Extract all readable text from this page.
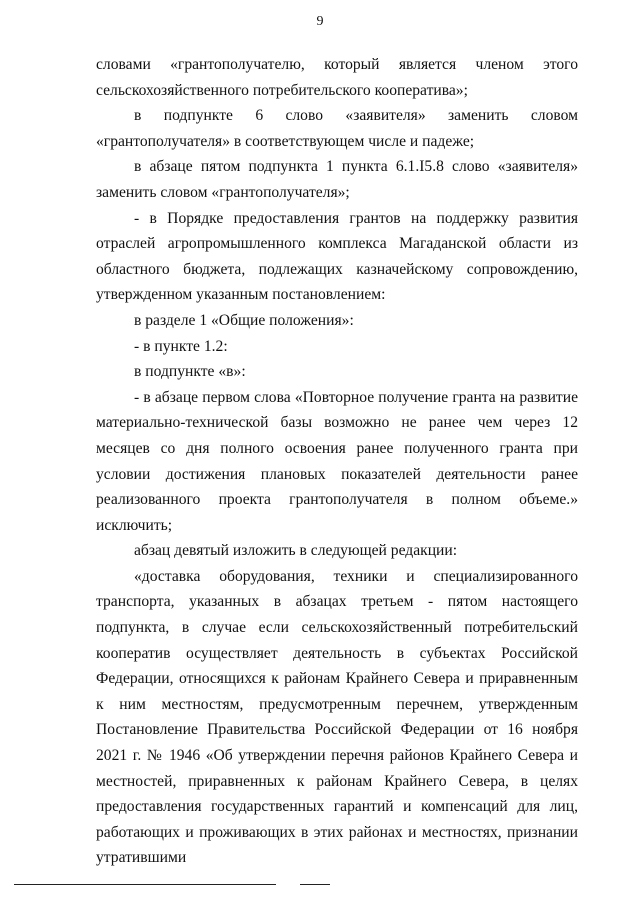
9

словами «грантополучателю, который является членом этого сельскохозяйственного потребительского кооператива»;

в подпункте 6 слово «заявителя» заменить словом «грантополучателя» в соответствующем числе и падеже;

в абзаце пятом подпункта 1 пункта 6.1.I5.8 слово «заявителя» заменить словом «грантополучателя»;

- в Порядке предоставления грантов на поддержку развития отраслей агропромышленного комплекса Магаданской области из областного бюджета, подлежащих казначейскому сопровождению, утвержденном указанным постановлением:

в разделе 1 «Общие положения»:

- в пункте 1.2:

в подпункте «в»:

- в абзаце первом слова «Повторное получение гранта на развитие материально-технической базы возможно не ранее чем через 12 месяцев со дня полного освоения ранее полученного гранта при условии достижения плановых показателей деятельности ранее реализованного проекта грантополучателя в полном объеме.» исключить;

абзац девятый изложить в следующей редакции:

«доставка оборудования, техники и специализированного транспорта, указанных в абзацах третьем - пятом настоящего подпункта, в случае если сельскохозяйственный потребительский кооператив осуществляет деятельность в субъектах Российской Федерации, относящихся к районам Крайнего Севера и приравненным к ним местностям, предусмотренным перечнем, утвержденным Постановление Правительства Российской Федерации от 16 ноября 2021 г. № 1946 «Об утверждении перечня районов Крайнего Севера и местностей, приравненных к районам Крайнего Севера, в целях предоставления государственных гарантий и компенсаций для лиц, работающих и проживающих в этих районах и местностях, признании утратившими
